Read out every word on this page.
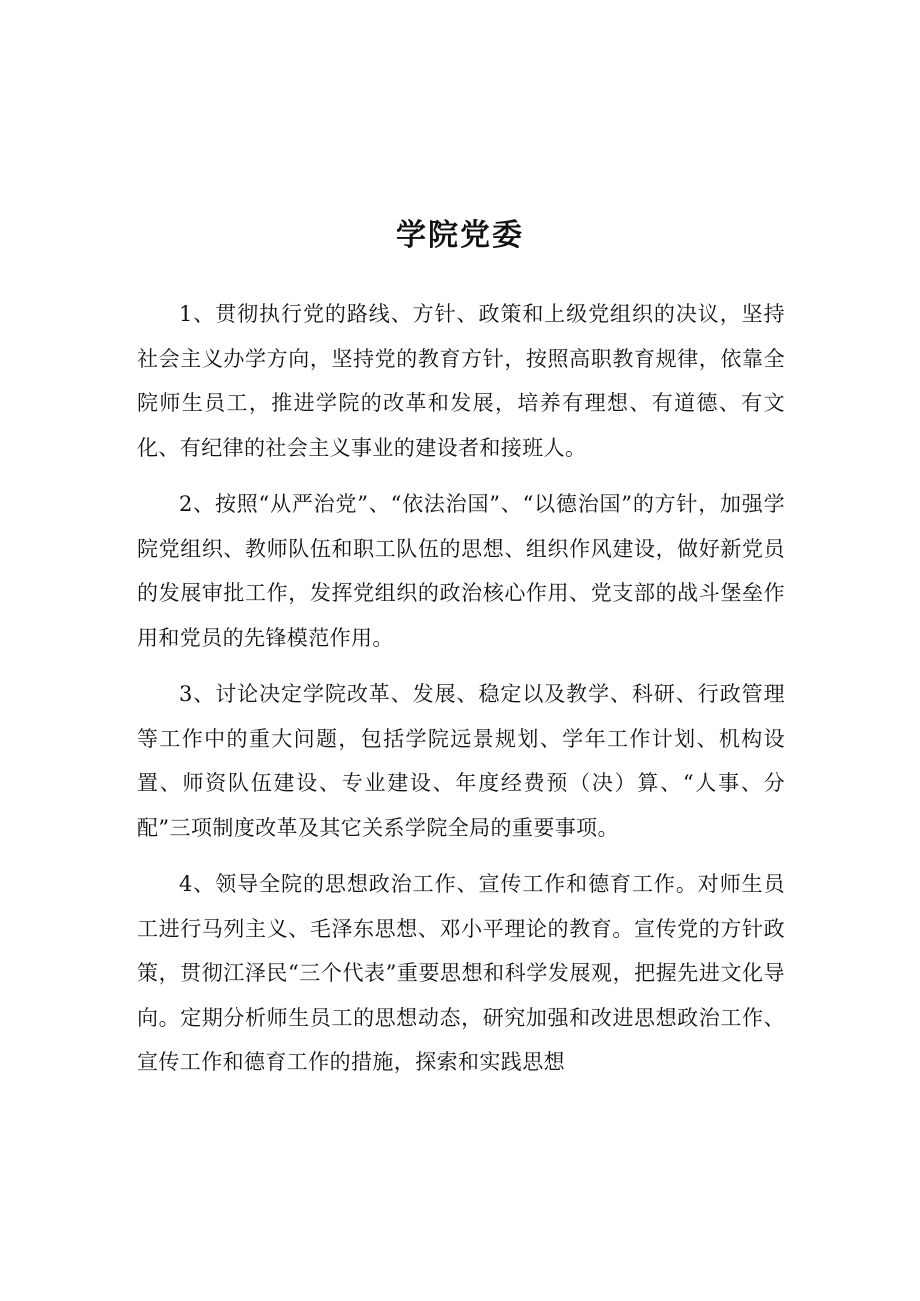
学院党委

1、贯彻执行党的路线、方针、政策和上级党组织的决议，坚持社会主义办学方向，坚持党的教育方针，按照高职教育规律，依靠全院师生员工，推进学院的改革和发展，培养有理想、有道德、有文化、有纪律的社会主义事业的建设者和接班人。

2、按照“从严治党”、“依法治国”、“以德治国”的方针，加强学院党组织、教师队伍和职工队伍的思想、组织作风建设，做好新党员的发展审批工作，发挥党组织的政治核心作用、党支部的战斗堡垒作用和党员的先锋模范作用。

3、讨论决定学院改革、发展、稳定以及教学、科研、行政管理等工作中的重大问题，包括学院远景规划、学年工作计划、机构设置、师资队伍建设、专业建设、年度经费预（决）算、“人事、分配”三项制度改革及其它关系学院全局的重要事项。

4、领导全院的思想政治工作、宣传工作和德育工作。对师生员工进行马列主义、毛泽东思想、邓小平理论的教育。宣传党的方针政策，贯彻江泽民“三个代表”重要思想和科学发展观，把握先进文化导向。定期分析师生员工的思想动态，研究加强和改进思想政治工作、宣传工作和德育工作的措施，探索和实践思想
